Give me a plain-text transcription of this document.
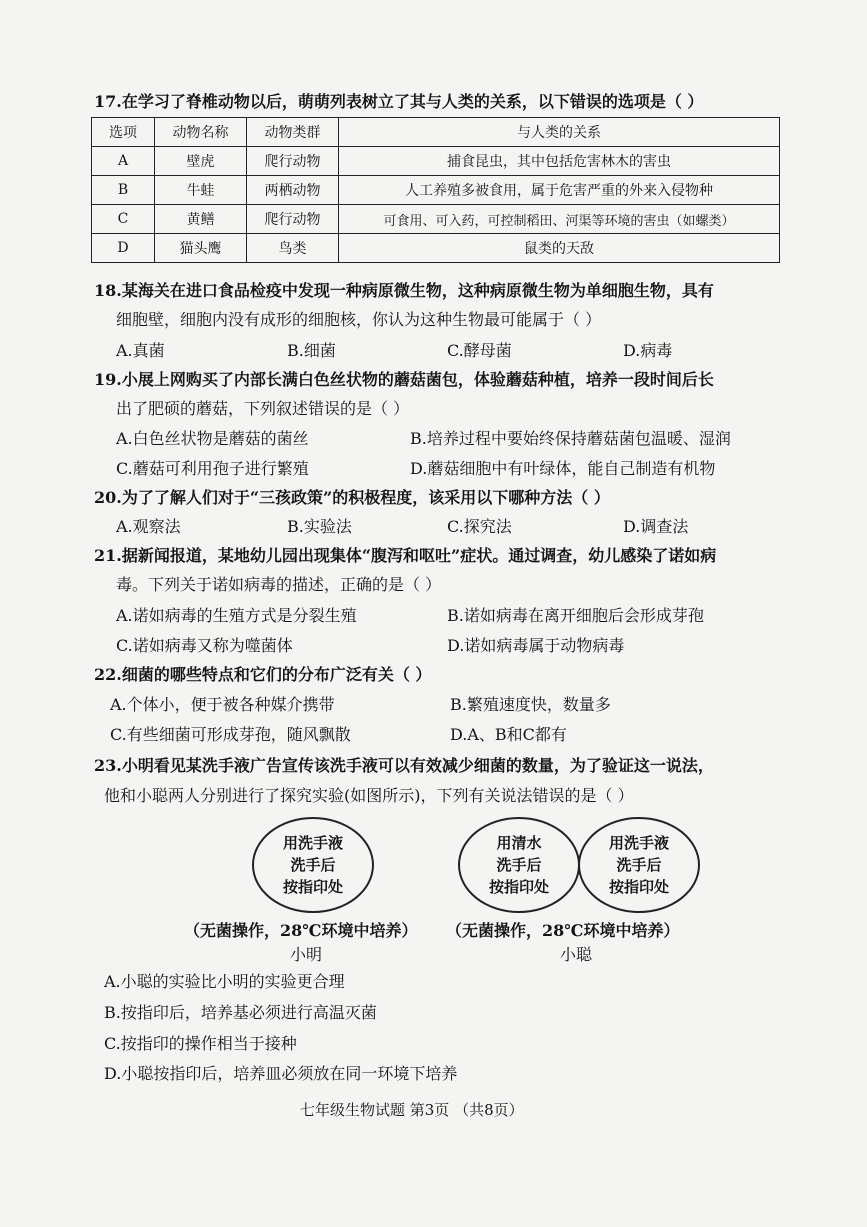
17.在学习了脊椎动物以后，萌萌列表树立了其与人类的关系，以下错误的选项是（ ）
选项	动物名称	动物类群	与人类的关系
A	壁虎	爬行动物	捕食昆虫，其中包括危害林木的害虫
B	牛蛙	两栖动物	人工养殖多被食用，属于危害严重的外来入侵物种
C	黄鳝	爬行动物	可食用、可入药，可控制稻田、河渠等环境的害虫（如螺类）
D	猫头鹰	鸟类	鼠类的天敌
18.某海关在进口食品检疫中发现一种病原微生物，这种病原微生物为单细胞生物，具有
细胞壁，细胞内没有成形的细胞核，你认为这种生物最可能属于（ ）
A.真菌	B.细菌	C.酵母菌	D.病毒
19.小展上网购买了内部长满白色丝状物的蘑菇菌包，体验蘑菇种植，培养一段时间后长
出了肥硕的蘑菇，下列叙述错误的是（ ）
A.白色丝状物是蘑菇的菌丝	B.培养过程中要始终保持蘑菇菌包温暖、湿润
C.蘑菇可利用孢子进行繁殖	D.蘑菇细胞中有叶绿体，能自己制造有机物
20.为了了解人们对于“三孩政策”的积极程度，该采用以下哪种方法（ ）
A.观察法	B.实验法	C.探究法	D.调查法
21.据新闻报道，某地幼儿园出现集体“腹泻和呕吐”症状。通过调查，幼儿感染了诺如病
毒。下列关于诺如病毒的描述，正确的是（ ）
A.诺如病毒的生殖方式是分裂生殖	B.诺如病毒在离开细胞后会形成芽孢
C.诺如病毒又称为噬菌体	D.诺如病毒属于动物病毒
22.细菌的哪些特点和它们的分布广泛有关（ ）
A.个体小，便于被各种媒介携带	B.繁殖速度快，数量多
C.有些细菌可形成芽孢，随风飘散	D.A、B和C都有
23.小明看见某洗手液广告宣传该洗手液可以有效减少细菌的数量，为了验证这一说法，
他和小聪两人分别进行了探究实验(如图所示)，下列有关说法错误的是（ ）
用洗手液
洗手后
按指印处
用清水
洗手后
按指印处
用洗手液
洗手后
按指印处
（无菌操作，28℃环境中培养） （无菌操作，28℃环境中培养）
小明	小聪
A.小聪的实验比小明的实验更合理
B.按指印后，培养基必须进行高温灭菌
C.按指印的操作相当于接种
D.小聪按指印后，培养皿必须放在同一环境下培养
七年级生物试题 第3页 （共8页）
